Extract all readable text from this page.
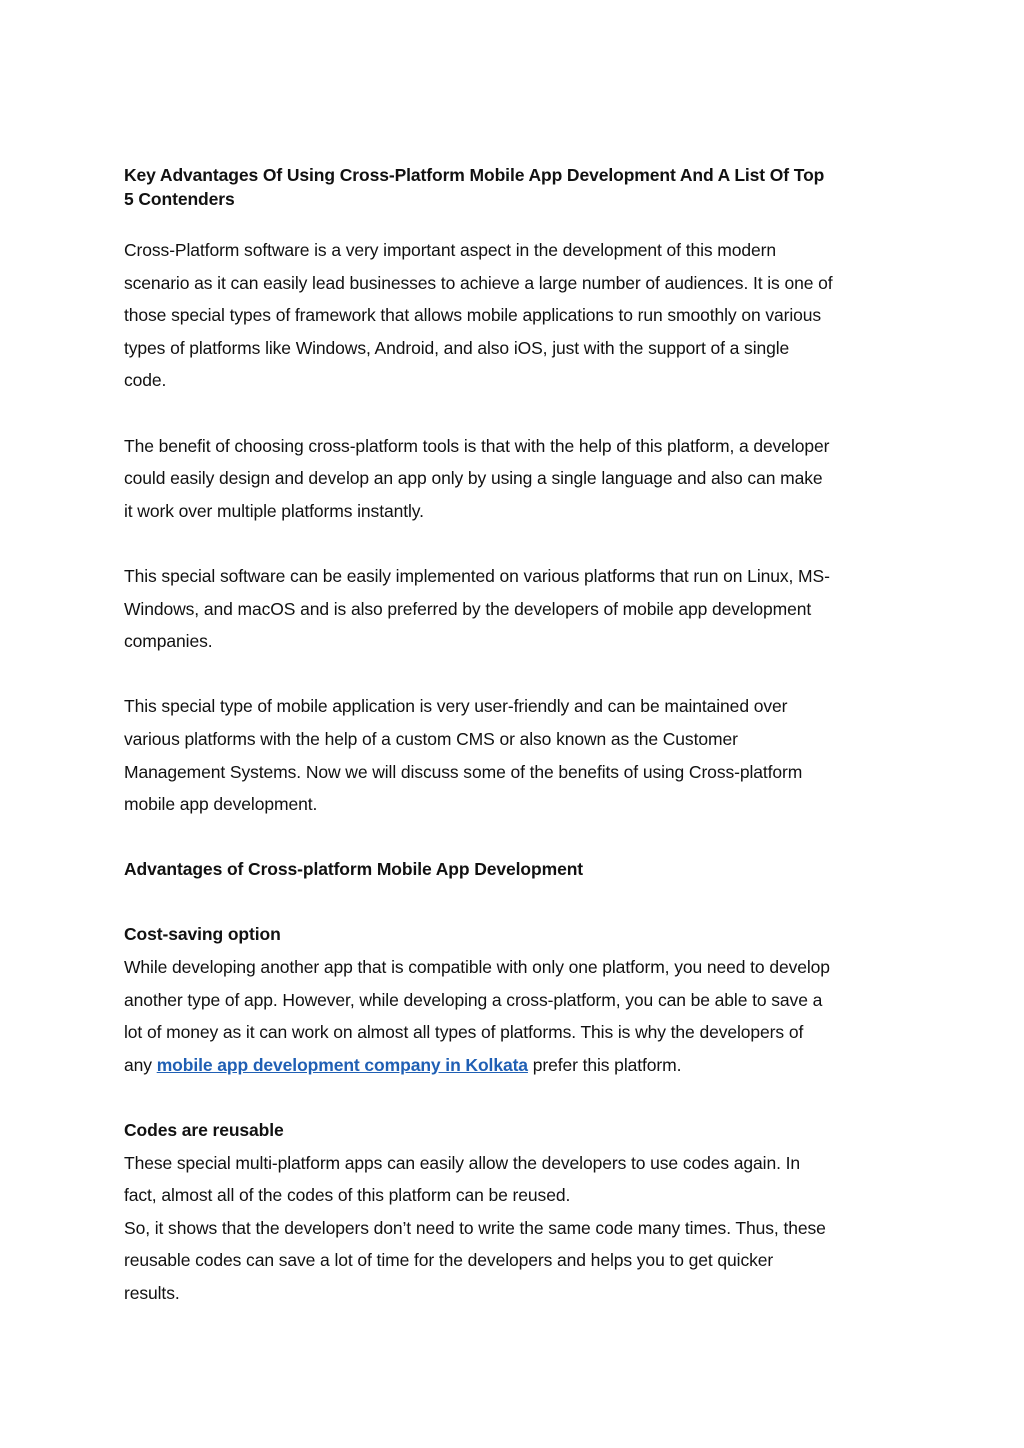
Key Advantages Of Using Cross-Platform Mobile App Development And A List Of Top
5 Contenders

Cross-Platform software is a very important aspect in the development of this modern
scenario as it can easily lead businesses to achieve a large number of audiences. It is one of
those special types of framework that allows mobile applications to run smoothly on various
types of platforms like Windows, Android, and also iOS, just with the support of a single
code.

The benefit of choosing cross-platform tools is that with the help of this platform, a developer
could easily design and develop an app only by using a single language and also can make
it work over multiple platforms instantly.

This special software can be easily implemented on various platforms that run on Linux, MS-
Windows, and macOS and is also preferred by the developers of mobile app development
companies.

This special type of mobile application is very user-friendly and can be maintained over
various platforms with the help of a custom CMS or also known as the Customer
Management Systems. Now we will discuss some of the benefits of using Cross-platform
mobile app development.

Advantages of Cross-platform Mobile App Development
Cost-saving option

While developing another app that is compatible with only one platform, you need to develop
another type of app. However, while developing a cross-platform, you can be able to save a
lot of money as it can work on almost all types of platforms. This is why the developers of
any mobile app development company in Kolkata prefer this platform.

Codes are reusable

These special multi-platform apps can easily allow the developers to use codes again. In
fact, almost all of the codes of this platform can be reused.
So, it shows that the developers don’t need to write the same code many times. Thus, these
reusable codes can save a lot of time for the developers and helps you to get quicker
results.
